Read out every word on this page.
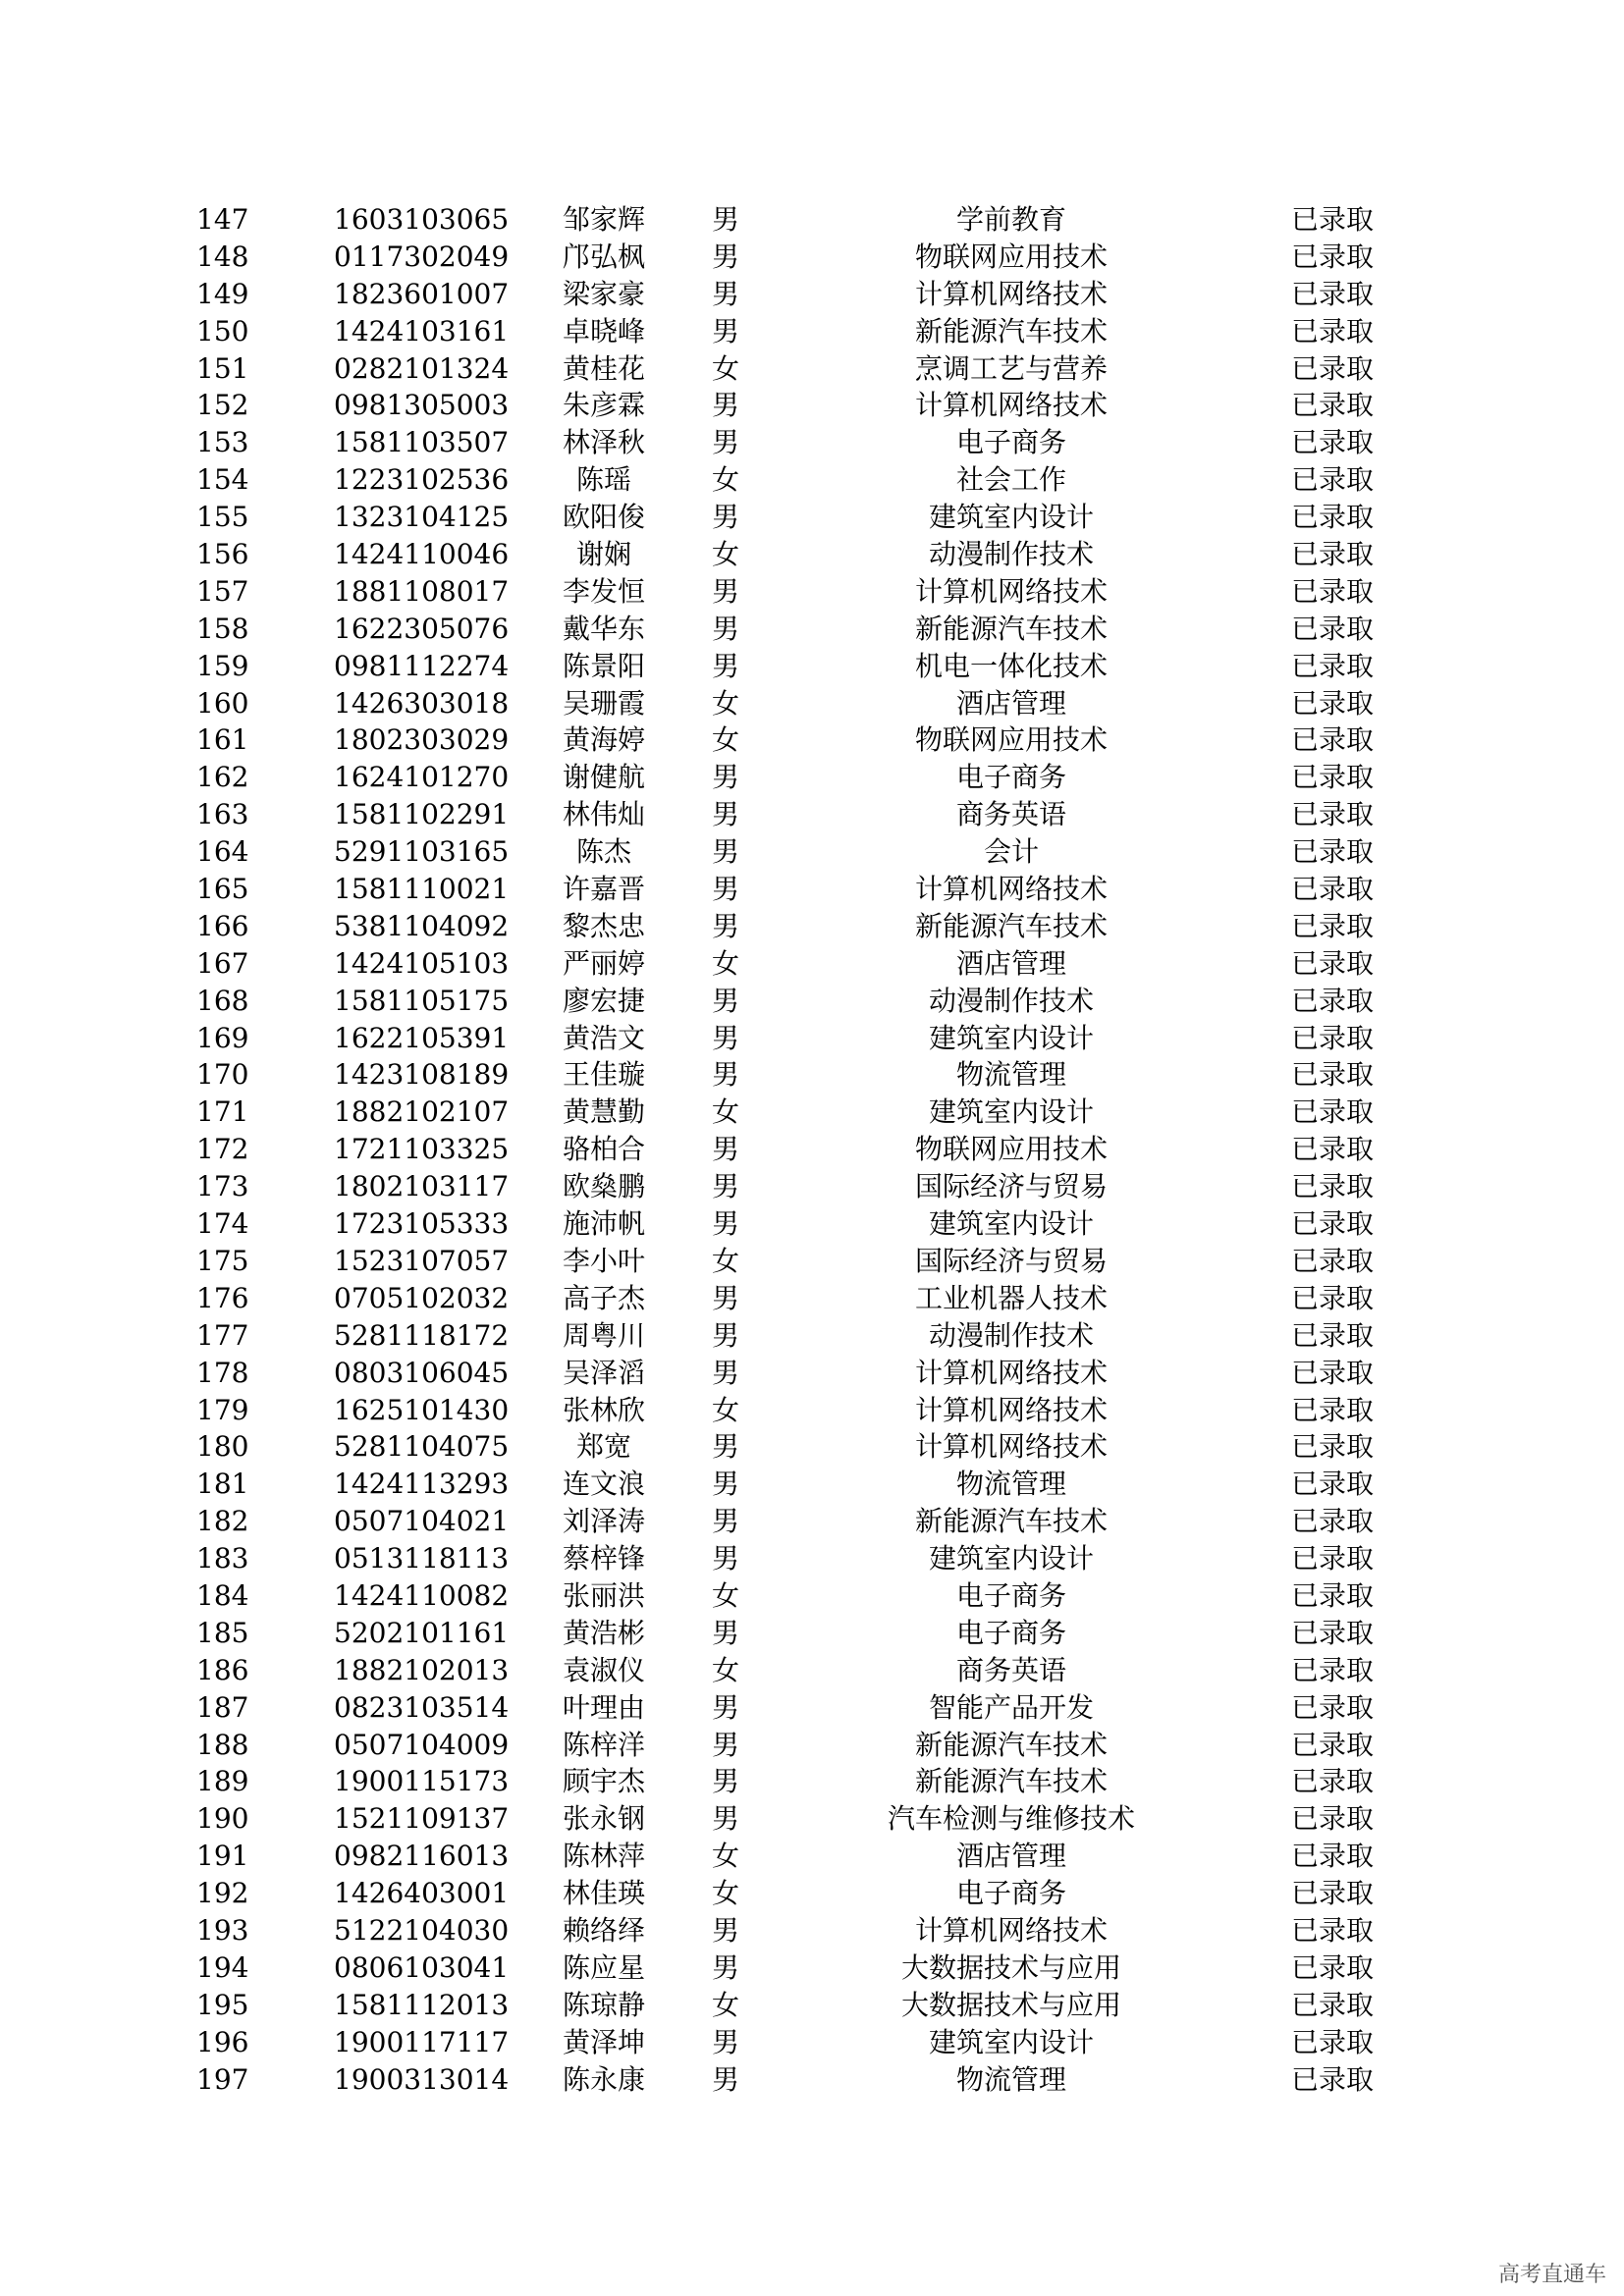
147	1603103065	邹家辉	男	学前教育	已录取
148	0117302049	邝弘枫	男	物联网应用技术	已录取
149	1823601007	梁家豪	男	计算机网络技术	已录取
150	1424103161	卓晓峰	男	新能源汽车技术	已录取
151	0282101324	黄桂花	女	烹调工艺与营养	已录取
152	0981305003	朱彦霖	男	计算机网络技术	已录取
153	1581103507	林泽秋	男	电子商务	已录取
154	1223102536	陈瑶	女	社会工作	已录取
155	1323104125	欧阳俊	男	建筑室内设计	已录取
156	1424110046	谢娴	女	动漫制作技术	已录取
157	1881108017	李发恒	男	计算机网络技术	已录取
158	1622305076	戴华东	男	新能源汽车技术	已录取
159	0981112274	陈景阳	男	机电一体化技术	已录取
160	1426303018	吴珊霞	女	酒店管理	已录取
161	1802303029	黄海婷	女	物联网应用技术	已录取
162	1624101270	谢健航	男	电子商务	已录取
163	1581102291	林伟灿	男	商务英语	已录取
164	5291103165	陈杰	男	会计	已录取
165	1581110021	许嘉晋	男	计算机网络技术	已录取
166	5381104092	黎杰忠	男	新能源汽车技术	已录取
167	1424105103	严丽婷	女	酒店管理	已录取
168	1581105175	廖宏捷	男	动漫制作技术	已录取
169	1622105391	黄浩文	男	建筑室内设计	已录取
170	1423108189	王佳璇	男	物流管理	已录取
171	1882102107	黄慧勤	女	建筑室内设计	已录取
172	1721103325	骆柏合	男	物联网应用技术	已录取
173	1802103117	欧燊鹏	男	国际经济与贸易	已录取
174	1723105333	施沛帆	男	建筑室内设计	已录取
175	1523107057	李小叶	女	国际经济与贸易	已录取
176	0705102032	高子杰	男	工业机器人技术	已录取
177	5281118172	周粤川	男	动漫制作技术	已录取
178	0803106045	吴泽滔	男	计算机网络技术	已录取
179	1625101430	张林欣	女	计算机网络技术	已录取
180	5281104075	郑宽	男	计算机网络技术	已录取
181	1424113293	连文浪	男	物流管理	已录取
182	0507104021	刘泽涛	男	新能源汽车技术	已录取
183	0513118113	蔡梓锋	男	建筑室内设计	已录取
184	1424110082	张丽洪	女	电子商务	已录取
185	5202101161	黄浩彬	男	电子商务	已录取
186	1882102013	袁淑仪	女	商务英语	已录取
187	0823103514	叶理由	男	智能产品开发	已录取
188	0507104009	陈梓洋	男	新能源汽车技术	已录取
189	1900115173	顾宇杰	男	新能源汽车技术	已录取
190	1521109137	张永钢	男	汽车检测与维修技术	已录取
191	0982116013	陈林萍	女	酒店管理	已录取
192	1426403001	林佳瑛	女	电子商务	已录取
193	5122104030	赖络绎	男	计算机网络技术	已录取
194	0806103041	陈应星	男	大数据技术与应用	已录取
195	1581112013	陈琼静	女	大数据技术与应用	已录取
196	1900117117	黄泽坤	男	建筑室内设计	已录取
197	1900313014	陈永康	男	物流管理	已录取
高考直通车
